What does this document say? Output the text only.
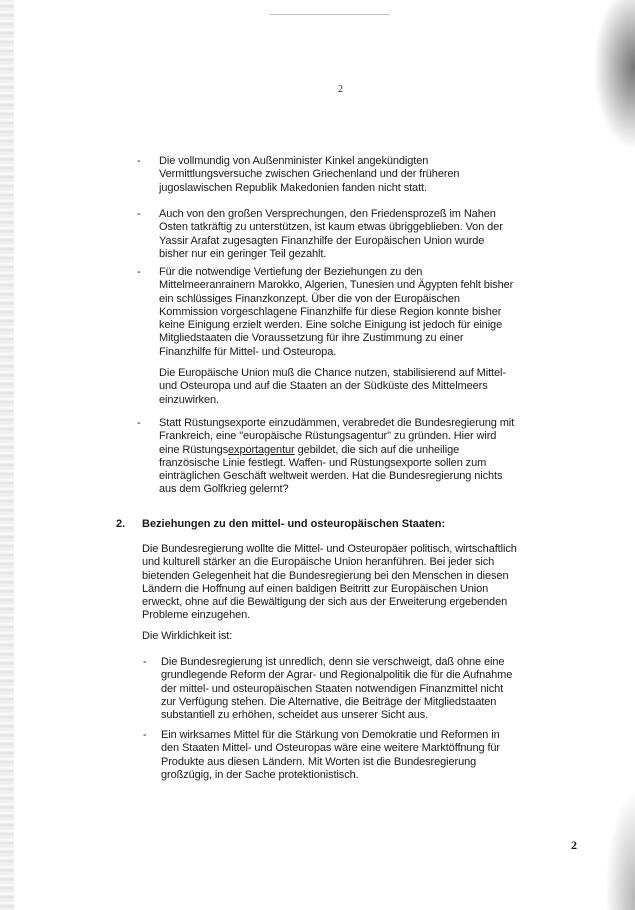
2
- Die vollmundig von Außenminister Kinkel angekündigten
Vermittlungsversuche zwischen Griechenland und der früheren
jugoslawischen Republik Makedonien fanden nicht statt.

- Auch von den großen Versprechungen, den Friedensprozeß im Nahen
Osten tatkräftig zu unterstützen, ist kaum etwas übriggeblieben. Von der
Yassir Arafat zugesagten Finanzhilfe der Europäischen Union wurde
bisher nur ein geringer Teil gezahlt.

- Für die notwendige Vertiefung der Beziehungen zu den
Mittelmeeranrainern Marokko, Algerien, Tunesien und Ägypten fehlt bisher
ein schlüssiges Finanzkonzept. Über die von der Europäischen
Kommission vorgeschlagene Finanzhilfe für diese Region konnte bisher
keine Einigung erzielt werden. Eine solche Einigung ist jedoch für einige
Mitgliedstaaten die Voraussetzung für ihre Zustimmung zu einer
Finanzhilfe für Mittel- und Osteuropa.

Die Europäische Union muß die Chance nutzen, stabilisierend auf Mittel-
und Osteuropa und auf die Staaten an der Südküste des Mittelmeers
einzuwirken.

- Statt Rüstungsexporte einzudämmen, verabredet die Bundesregierung mit
Frankreich, eine "europäische Rüstungsagentur" zu gründen. Hier wird
eine Rüstungsexportagentur gebildet, die sich auf die unheilige
französische Linie festlegt. Waffen- und Rüstungsexporte sollen zum
einträglichen Geschäft weltweit werden. Hat die Bundesregierung nichts
aus dem Golfkrieg gelernt?

2. Beziehungen zu den mittel- und osteuropäischen Staaten:

Die Bundesregierung wollte die Mittel- und Osteuropäer politisch, wirtschaftlich
und kulturell stärker an die Europäische Union heranführen. Bei jeder sich
bietenden Gelegenheit hat die Bundesregierung bei den Menschen in diesen
Ländern die Hoffnung auf einen baldigen Beitritt zur Europäischen Union
erweckt, ohne auf die Bewältigung der sich aus der Erweiterung ergebenden
Probleme einzugehen.

Die Wirklichkeit ist:

- Die Bundesregierung ist unredlich, denn sie verschweigt, daß ohne eine
grundlegende Reform der Agrar- und Regionalpolitik die für die Aufnahme
der mittel- und osteuropäischen Staaten notwendigen Finanzmittel nicht
zur Verfügung stehen. Die Alternative, die Beiträge der Mitgliedstaaten
substantiell zu erhöhen, scheidet aus unserer Sicht aus.

- Ein wirksames Mittel für die Stärkung von Demokratie und Reformen in
den Staaten Mittel- und Osteuropas wäre eine weitere Marktöffnung für
Produkte aus diesen Ländern. Mit Worten ist die Bundesregierung
großzügig, in der Sache protektionistisch.

2
